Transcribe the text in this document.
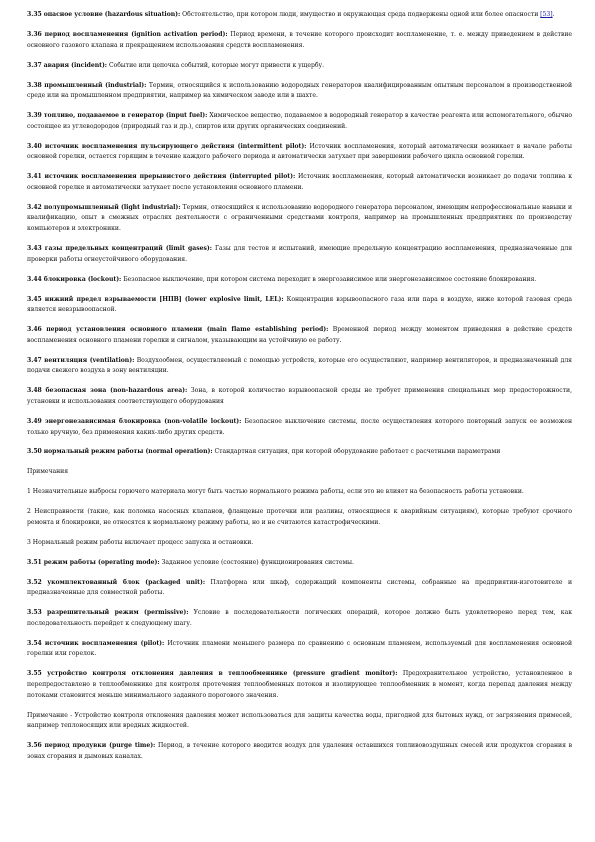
3.35 опасное условие (hazardous situation): Обстоятельство, при котором люди, имущество и окружающая среда подвержены одной или более опасности [53].

3.36 период воспламенения (ignition activation period): Период времени, в течение которого происходит воспламенение, т. е. между приведением в действие основного газового клапана и прекращением использования средств воспламенения.

3.37 авария (incident): Событие или цепочка событий, которые могут привести к ущербу.

3.38 промышленный (industrial): Термин, относящийся к использованию водородных генераторов квалифицированным опытным персоналом в производственной среде или на промышленном предприятии, например на химическом заводе или в шахте.

3.39 топливо, подаваемое в генератор (input fuel): Химическое вещество, подаваемое в водородный генератор в качестве реагента или вспомогательного, обычно состоящее из углеводородов (природный газ и др.), спиртов или других органических соединений.

3.40 источник воспламенения пульсирующего действия (intermittent pilot): Источник воспламенения, который автоматически возникает в начале работы основной горелки, остается горящим в течение каждого рабочего периода и автоматически затухает при завершении рабочего цикла основной горелки.

3.41 источник воспламенения прерывистого действия (interrupted pilot): Источник воспламенения, который автоматически возникает до подачи топлива к основной горелке и автоматически затухает после установления основного пламени.

3.42 полупромышленный (light industrial): Термин, относящийся к использованию водородного генератора персоналом, имеющим непрофессиональные навыки и квалификацию, опыт в смежных отраслях деятельности с ограниченными средствами контроля, например на промышленных предприятиях по производству компьютеров и электроники.

3.43 газы предельных концентраций (limit gases): Газы для тестов и испытаний, имеющие предельную концентрацию воспламенения, предназначенные для проверки работы огнеустойчивого оборудования.

3.44 блокировка (lockout): Безопасное выключение, при котором система переходит в энергозависимое или энергонезависимое состояние блокирования.

3.45 нижний предел взрываемости [НПВ] (lower explosive limit, LEL): Концентрация взрывоопасного газа или пара в воздухе, ниже которой газовая среда является невзрывоопасной.

3.46 период установления основного пламени (main flame establishing period): Временной период между моментом приведения в действие средств воспламенения основного пламени горелки и сигналом, указывающим на устойчивую ее работу.

3.47 вентиляция (ventilation): Воздухообмен, осуществляемый с помощью устройств, которые его осуществляют, например вентиляторов, и предназначенный для подачи свежего воздуха в зону вентиляции.

3.48 безопасная зона (non-hazardous area): Зона, в которой количество взрывоопасной среды не требует применения специальных мер предосторожности, установки и использования соответствующего оборудования

3.49 энергонезависимая блокировка (non-volatile lockout): Безопасное выключение системы, после осуществления которого повторный запуск ее возможен только вручную, без применения каких-либо других средств.

3.50 нормальный режим работы (normal operation): Стандартная ситуация, при которой оборудование работает с расчетными параметрами

Примечания

1 Незначительные выбросы горючего материала могут быть частью нормального режима работы, если это не влияет на безопасность работы установки.

2 Неисправности (такие, как поломка насосных клапанов, фланцевые протечки или разливы, относящиеся к аварийным ситуациям), которые требуют срочного ремонта и блокировки, не относятся к нормальному режиму работы, но и не считаются катастрофическими.

3 Нормальный режим работы включает процесс запуска и остановки.

3.51 режим работы (operating mode): Заданное условие (состояние) функционирования системы.

3.52 укомплектованный блок (packaged unit): Платформа или шкаф, содержащий компоненты системы, собранные на предприятии-изготовителе и предназначенные для совместной работы.

3.53 разрешительный режим (permissive): Условие в последовательности логических операций, которое должно быть удовлетворено перед тем, как последовательность перейдет к следующему шагу.

3.54 источник воспламенения (pilot): Источник пламени меньшего размера по сравнению с основным пламенем, используемый для воспламенения основной горелки или горелок.

3.55 устройство контроля отклонения давления в теплообменнике (pressure gradient monitor): Предохранительное устройство, установленное в перепредоставлено в теплообменнике для контроля протечения теплообменных потоков и изолирующее теплообменник в момент, когда перепад давления между потоками становится меньше минимального заданного порогового значения.

Примечание - Устройство контроля отклонения давления может использоваться для защиты качества воды, пригодной для бытовых нужд, от загрязнения примесей, например теплоносящих или вредных жидкостей.

3.56 период продувки (purge time): Период, в течение которого вводится воздух для удаления оставшихся топливовоздушных смесей или продуктов сгорания в зонах сгорания и дымовых каналах.
